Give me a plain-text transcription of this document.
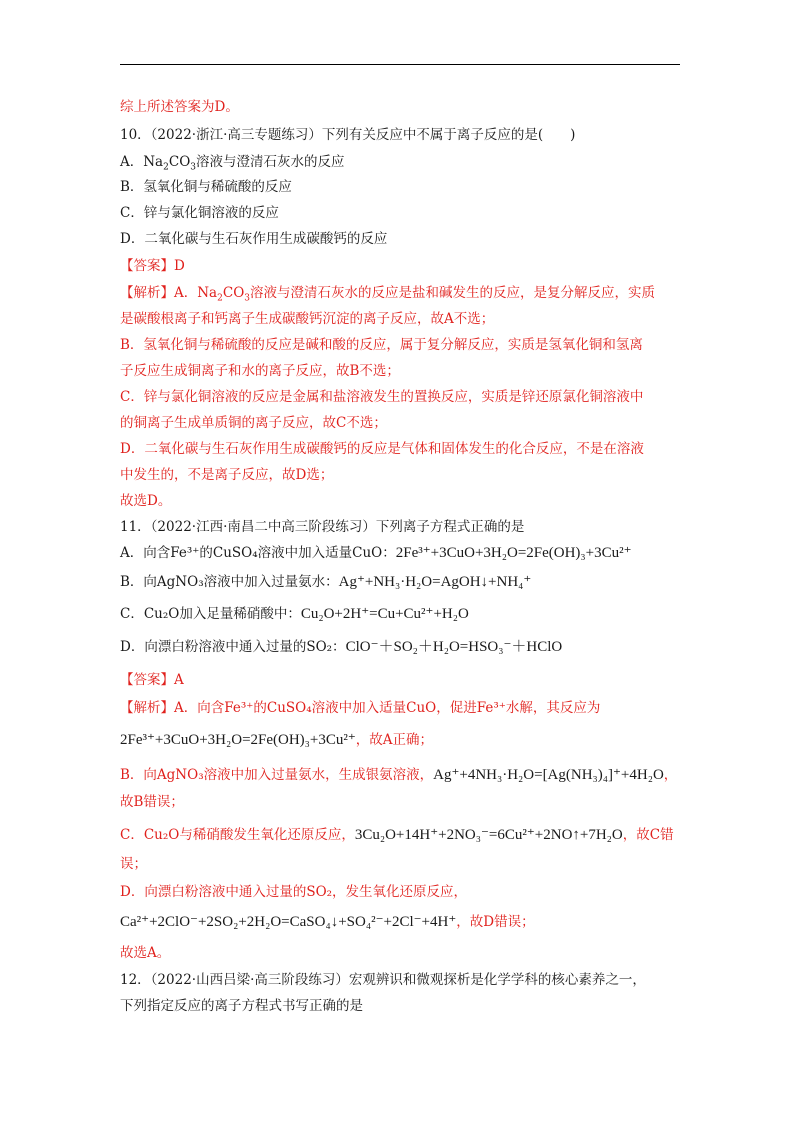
综上所述答案为D。
10．（2022·浙江·高三专题练习）下列有关反应中不属于离子反应的是(　　)
A．$Na_2CO_3$溶液与澄清石灰水的反应
B．氢氧化铜与稀硫酸的反应
C．锌与氯化铜溶液的反应
D．二氧化碳与生石灰作用生成碳酸钙的反应
【答案】D
【解析】A．$Na_2CO_3$溶液与澄清石灰水的反应是盐和碱发生的反应，是复分解反应，实质
是碳酸根离子和钙离子生成碳酸钙沉淀的离子反应，故A不选；
B．氢氧化铜与稀硫酸的反应是碱和酸的反应，属于复分解反应，实质是氢氧化铜和氢离
子反应生成铜离子和水的离子反应，故B不选；
C．锌与氯化铜溶液的反应是金属和盐溶液发生的置换反应，实质是锌还原氯化铜溶液中
的铜离子生成单质铜的离子反应，故C不选；
D．二氧化碳与生石灰作用生成碳酸钙的反应是气体和固体发生的化合反应，不是在溶液
中发生的，不是离子反应，故D选；
故选D。
11．（2022·江西·南昌二中高三阶段练习）下列离子方程式正确的是
A．向含Fe³⁺的CuSO₄溶液中加入适量CuO：2Fe³⁺+3CuO+3H₂O=2Fe(OH)₃+3Cu²⁺
B．向AgNO₃溶液中加入过量氨水：Ag⁺+NH₃·H₂O=AgOH↓+NH₄⁺
C．Cu₂O加入足量稀硝酸中：Cu₂O+2H⁺=Cu+Cu²⁺+H₂O
D．向漂白粉溶液中通入过量的SO₂：ClO⁻＋SO₂＋H₂O=HSO₃⁻＋HClO
【答案】A
【解析】A．向含Fe³⁺的CuSO₄溶液中加入适量CuO，促进Fe³⁺水解，其反应为
2Fe³⁺+3CuO+3H₂O=2Fe(OH)₃+3Cu²⁺，故A正确；
B．向AgNO₃溶液中加入过量氨水，生成银氨溶液，Ag⁺+4NH₃·H₂O=[Ag(NH₃)₄]⁺+4H₂O，
故B错误；
C．Cu₂O与稀硝酸发生氧化还原反应，3Cu₂O+14H⁺+2NO₃⁻=6Cu²⁺+2NO↑+7H₂O，故C错
误；
D．向漂白粉溶液中通入过量的SO₂，发生氧化还原反应，
Ca²⁺+2ClO⁻+2SO₂+2H₂O=CaSO₄↓+SO₄²⁻+2Cl⁻+4H⁺，故D错误；
故选A。
12．（2022·山西吕梁·高三阶段练习）宏观辨识和微观探析是化学学科的核心素养之一，
下列指定反应的离子方程式书写正确的是
